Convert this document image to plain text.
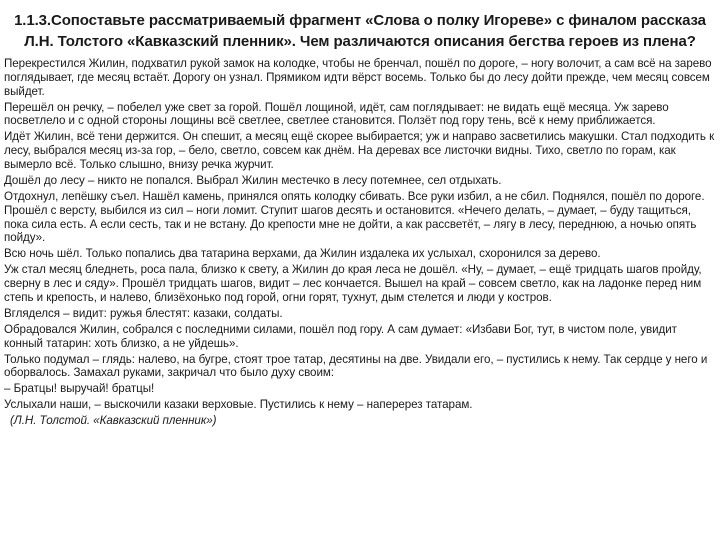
1.1.3.Сопоставьте рассматриваемый фрагмент «Слова о полку Игореве» с финалом рассказа Л.Н. Толстого «Кавказский пленник». Чем различаются описания бегства героев из плена?
Перекрестился Жилин, подхватил рукой замок на колодке, чтобы не бренчал, пошёл по дороге, – ногу волочит, а сам всё на зарево поглядывает, где месяц встаёт. Дорогу он узнал. Прямиком идти вёрст восемь. Только бы до лесу дойти прежде, чем месяц совсем выйдет.
Перешёл он речку, – побелел уже свет за горой. Пошёл лощиной, идёт, сам поглядывает: не видать ещё месяца. Уж зарево посветлело и с одной стороны лощины всё светлее, светлее становится. Ползёт под гору тень, всё к нему приближается.
Идёт Жилин, всё тени держится. Он спешит, а месяц ещё скорее выбирается; уж и направо засветились макушки. Стал подходить к лесу, выбрался месяц из-за гор, – бело, светло, совсем как днём. На деревах все листочки видны. Тихо, светло по горам, как вымерло всё. Только слышно, внизу речка журчит.
Дошёл до лесу – никто не попался. Выбрал Жилин местечко в лесу потемнее, сел отдыхать.
Отдохнул, лепёшку съел. Нашёл камень, принялся опять колодку сбивать. Все руки избил, а не сбил. Поднялся, пошёл по дороге. Прошёл с версту, выбился из сил – ноги ломит. Ступит шагов десять и остановится. «Нечего делать, – думает, – буду тащиться, пока сила есть. А если сесть, так и не встану. До крепости мне не дойти, а как рассветёт, – лягу в лесу, переднюю, а ночью опять пойду».
Всю ночь шёл. Только попались два татарина верхами, да Жилин издалека их услыхал, схоронился за дерево.
Уж стал месяц бледнеть, роса пала, близко к свету, а Жилин до края леса не дошёл. «Ну, – думает, – ещё тридцать шагов пройду, сверну в лес и сяду». Прошёл тридцать шагов, видит – лес кончается. Вышел на край – совсем светло, как на ладонке перед ним степь и крепость, и налево, близёхонько под горой, огни горят, тухнут, дым стелется и люди у костров.
Вгляделся – видит: ружья блестят: казаки, солдаты.
Обрадовался Жилин, собрался с последними силами, пошёл под гору. А сам думает: «Избави Бог, тут, в чистом поле, увидит конный татарин: хоть близко, а не уйдешь».
Только подумал – глядь: налево, на бугре, стоят трое татар, десятины на две. Увидали его, – пустились к нему. Так сердце у него и оборвалось. Замахал руками, закричал что было духу своим:
– Братцы! выручай! братцы!
Услыхали наши, – выскочили казаки верховые. Пустились к нему – наперерез татарам.
(Л.Н. Толстой. «Кавказский пленник»)
